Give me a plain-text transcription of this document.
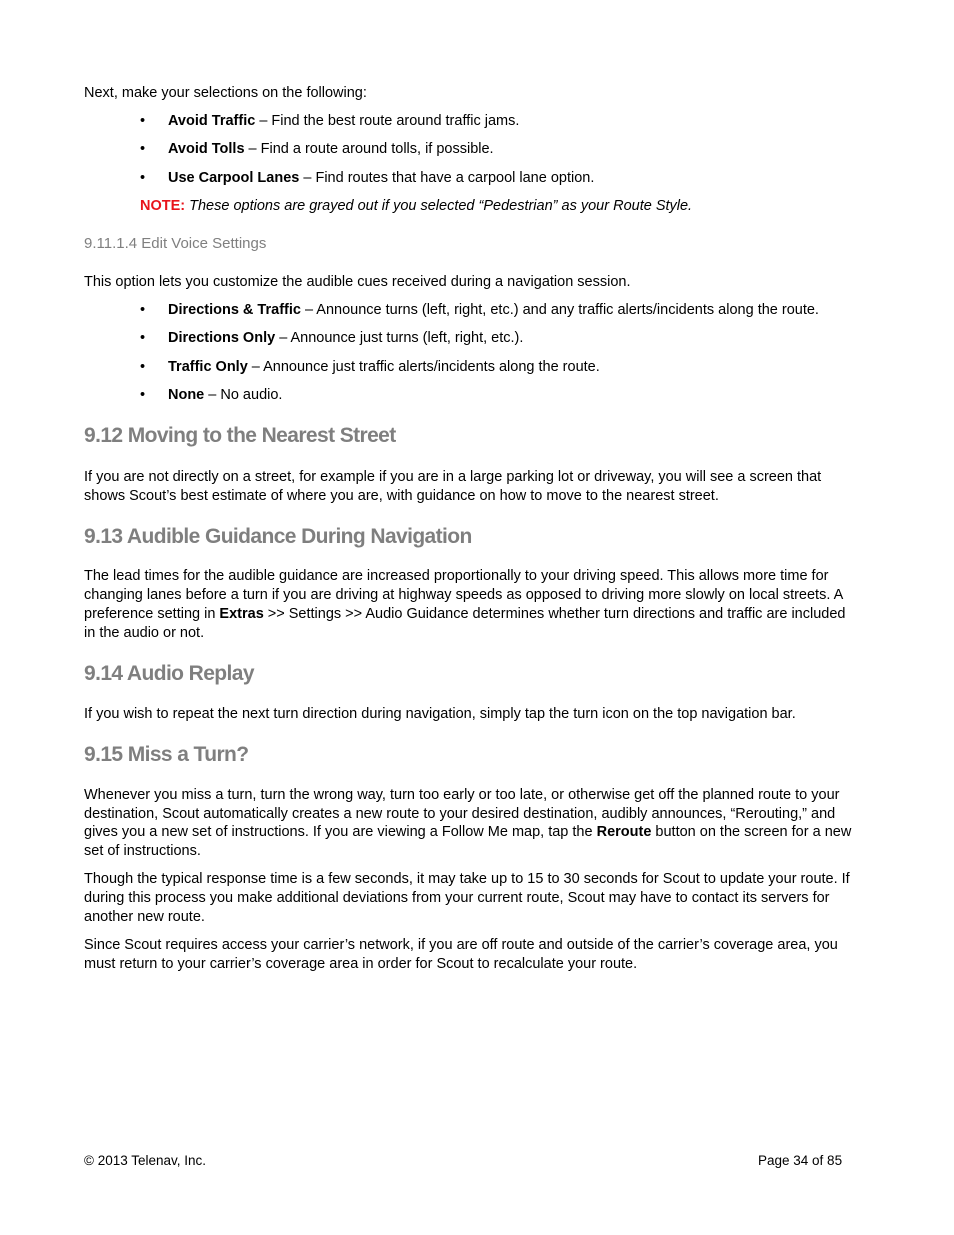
Next, make your selections on the following:

• Avoid Traffic – Find the best route around traffic jams.
• Avoid Tolls – Find a route around tolls, if possible.
• Use Carpool Lanes – Find routes that have a carpool lane option.
NOTE: These options are grayed out if you selected “Pedestrian” as your Route Style.
9.11.1.4 Edit Voice Settings

This option lets you customize the audible cues received during a navigation session.

• Directions & Traffic – Announce turns (left, right, etc.) and any traffic alerts/incidents along the route.
• Directions Only – Announce just turns (left, right, etc.).
• Traffic Only – Announce just traffic alerts/incidents along the route.
• None – No audio.
9.12 Moving to the Nearest Street

If you are not directly on a street, for example if you are in a large parking lot or driveway, you will see a screen that

shows Scout’s best estimate of where you are, with guidance on how to move to the nearest street.

9.13 Audible Guidance During Navigation

The lead times for the audible guidance are increased proportionally to your driving speed. This allows more time for

changing lanes before a turn if you are driving at highway speeds as opposed to driving more slowly on local streets. A

preference setting in Extras >> Settings >> Audio Guidance determines whether turn directions and traffic are included

in the audio or not.

9.14 Audio Replay

If you wish to repeat the next turn direction during navigation, simply tap the turn icon on the top navigation bar.

9.15 Miss a Turn?

Whenever you miss a turn, turn the wrong way, turn too early or too late, or otherwise get off the planned route to your

destination, Scout automatically creates a new route to your desired destination, audibly announces, “Rerouting,” and

gives you a new set of instructions. If you are viewing a Follow Me map, tap the Reroute button on the screen for a new

set of instructions.

Though the typical response time is a few seconds, it may take up to 15 to 30 seconds for Scout to update your route. If

during this process you make additional deviations from your current route, Scout may have to contact its servers for

another new route.

Since Scout requires access your carrier’s network, if you are off route and outside of the carrier’s coverage area, you

must return to your carrier’s coverage area in order for Scout to recalculate your route.

© 2013 Telenav, Inc.	Page 34 of 85
